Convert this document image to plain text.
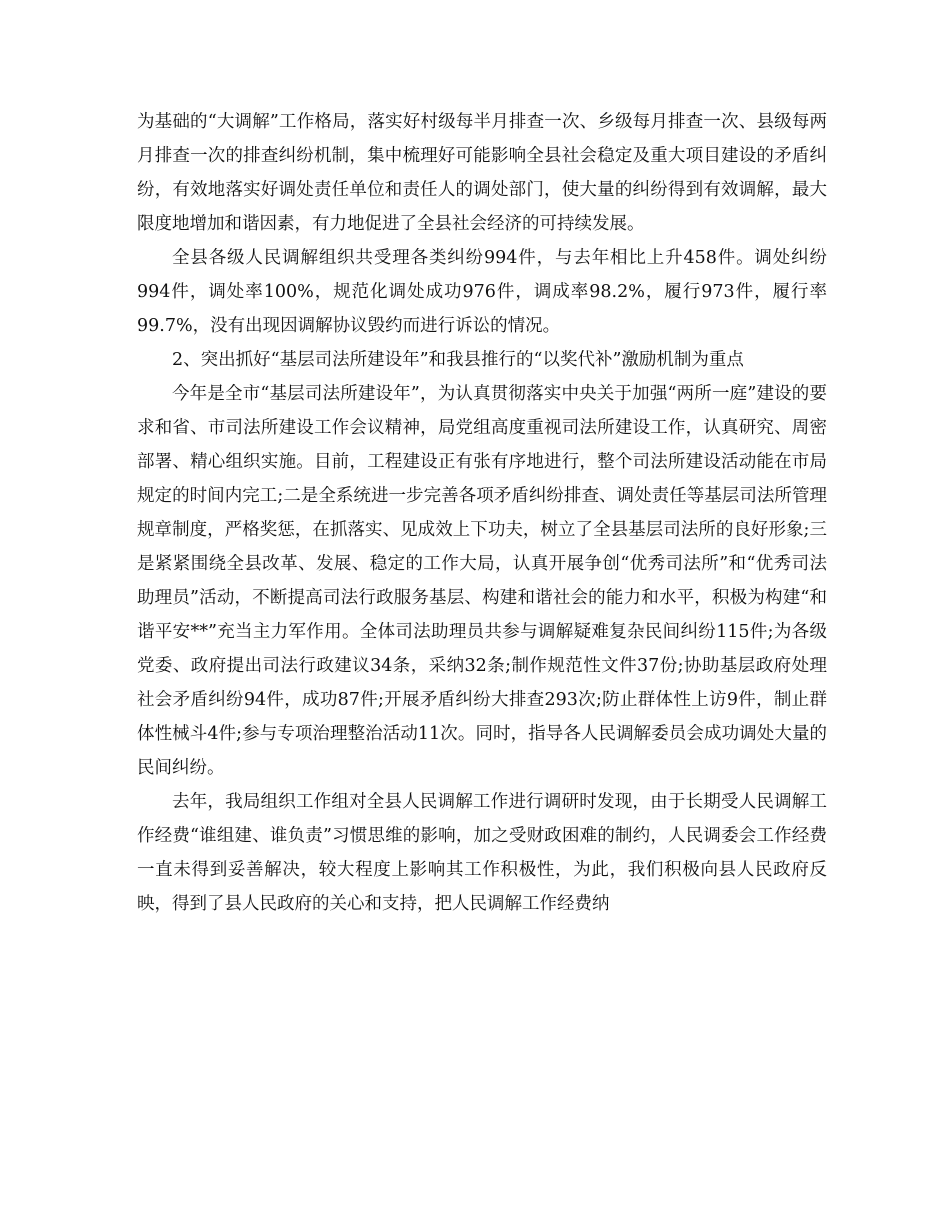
为基础的“大调解”工作格局，落实好村级每半月排查一次、乡级每月排查一次、县级每两月排查一次的排查纠纷机制，集中梳理好可能影响全县社会稳定及重大项目建设的矛盾纠纷，有效地落实好调处责任单位和责任人的调处部门，使大量的纠纷得到有效调解，最大限度地增加和谐因素，有力地促进了全县社会经济的可持续发展。

全县各级人民调解组织共受理各类纠纷994件，与去年相比上升458件。调处纠纷994件，调处率100%，规范化调处成功976件，调成率98.2%，履行973件，履行率99.7%，没有出现因调解协议毁约而进行诉讼的情况。

2、突出抓好“基层司法所建设年”和我县推行的“以奖代补”激励机制为重点

今年是全市“基层司法所建设年”，为认真贯彻落实中央关于加强“两所一庭”建设的要求和省、市司法所建设工作会议精神，局党组高度重视司法所建设工作，认真研究、周密部署、精心组织实施。目前，工程建设正有张有序地进行，整个司法所建设活动能在市局规定的时间内完工;二是全系统进一步完善各项矛盾纠纷排查、调处责任等基层司法所管理规章制度，严格奖惩，在抓落实、见成效上下功夫，树立了全县基层司法所的良好形象;三是紧紧围绕全县改革、发展、稳定的工作大局，认真开展争创“优秀司法所”和“优秀司法助理员”活动，不断提高司法行政服务基层、构建和谐社会的能力和水平，积极为构建“和谐平安**”充当主力军作用。全体司法助理员共参与调解疑难复杂民间纠纷115件;为各级党委、政府提出司法行政建议34条，采纳32条;制作规范性文件37份;协助基层政府处理社会矛盾纠纷94件，成功87件;开展矛盾纠纷大排查293次;防止群体性上访9件，制止群体性械斗4件;参与专项治理整治活动11次。同时，指导各人民调解委员会成功调处大量的民间纠纷。

去年，我局组织工作组对全县人民调解工作进行调研时发现，由于长期受人民调解工作经费“谁组建、谁负责”习惯思维的影响，加之受财政困难的制约，人民调委会工作经费一直未得到妥善解决，较大程度上影响其工作积极性，为此，我们积极向县人民政府反映，得到了县人民政府的关心和支持，把人民调解工作经费纳
